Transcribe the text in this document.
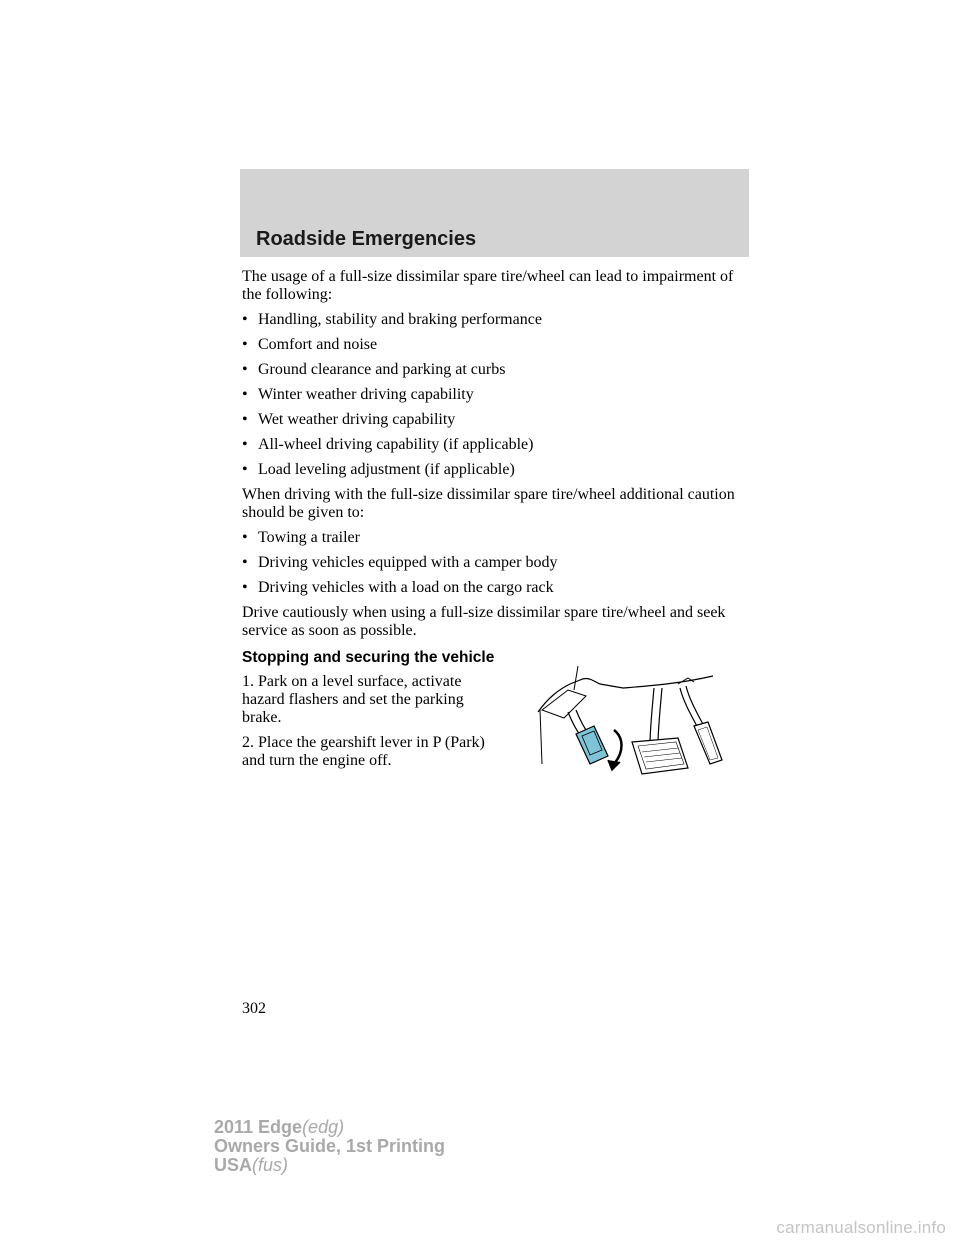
Roadside Emergencies

The usage of a full-size dissimilar spare tire/wheel can lead to impairment of the following:

• Handling, stability and braking performance
• Comfort and noise
• Ground clearance and parking at curbs
• Winter weather driving capability
• Wet weather driving capability
• All-wheel driving capability (if applicable)
• Load leveling adjustment (if applicable)

When driving with the full-size dissimilar spare tire/wheel additional caution should be given to:

• Towing a trailer
• Driving vehicles equipped with a camper body
• Driving vehicles with a load on the cargo rack

Drive cautiously when using a full-size dissimilar spare tire/wheel and seek service as soon as possible.

Stopping and securing the vehicle

1. Park on a level surface, activate hazard flashers and set the parking brake.

2. Place the gearshift lever in P (Park) and turn the engine off.

302
2011 Edge(edg)
Owners Guide, 1st Printing
USA(fus)
carmanualsonline.info
